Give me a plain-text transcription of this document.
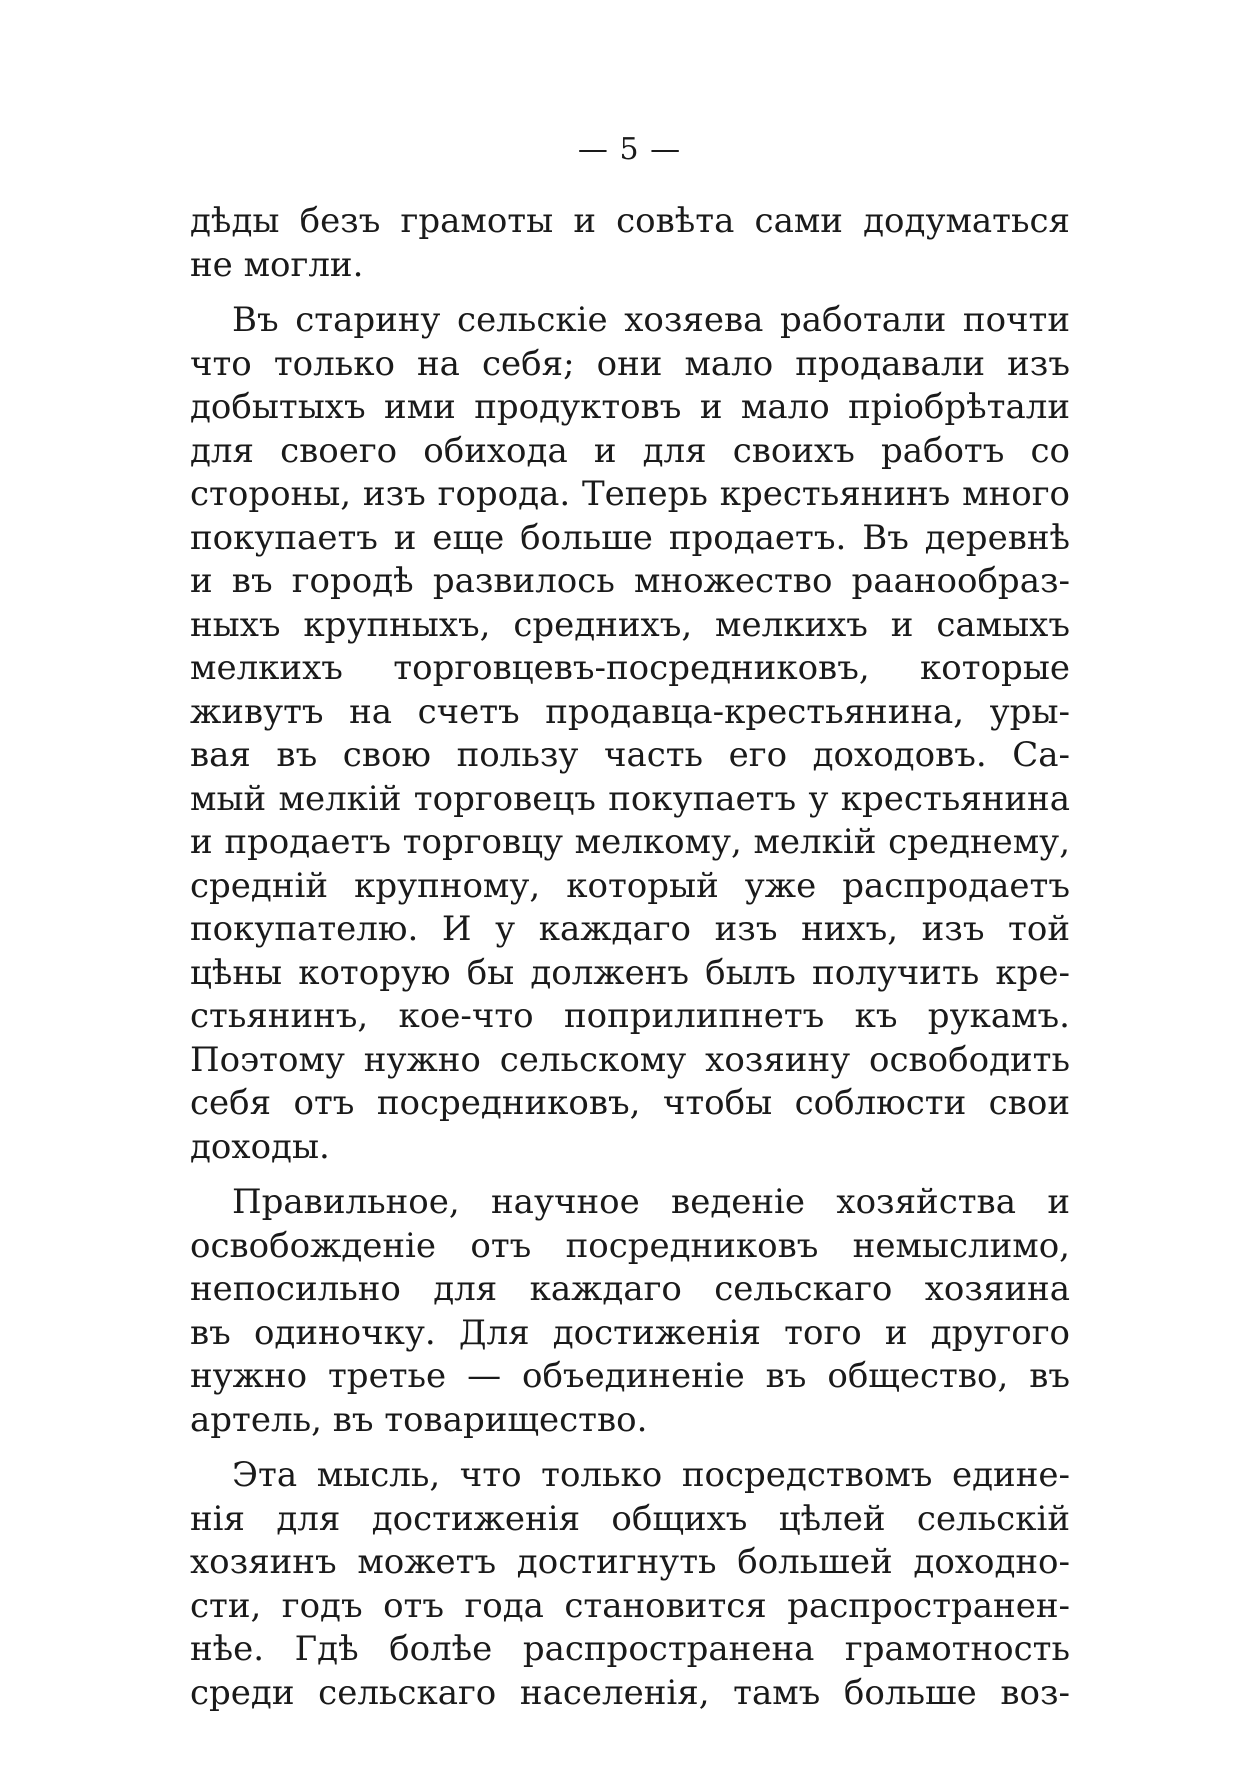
— 5 —
дѣды безъ грамоты и совѣта сами додуматься
не могли.
Въ старину сельскіе хозяева работали почти
что только на себя; они мало продавали изъ
добытыхъ ими продуктовъ и мало пріобрѣтали
для своего обихода и для своихъ работъ со
стороны, изъ города. Теперь крестьянинъ много
покупаетъ и еще больше продаетъ. Въ деревнѣ
и въ городѣ развилось множество раанообраз-
ныхъ крупныхъ, среднихъ, мелкихъ и самыхъ
мелкихъ торговцевъ-посредниковъ, которые
живутъ на счетъ продавца-крестьянина, уры-
вая въ свою пользу часть его доходовъ. Са-
мый мелкій торговецъ покупаетъ у крестьянина
и продаетъ торговцу мелкому, мелкій среднему,
средній крупному, который уже распродаетъ
покупателю. И у каждаго изъ нихъ, изъ той
цѣны которую бы долженъ былъ получить кре-
стьянинъ, кое-что поприлипнетъ къ рукамъ.
Поэтому нужно сельскому хозяину освободить
себя отъ посредниковъ, чтобы соблюсти свои
доходы.
Правильное, научное веденіе хозяйства и
освобожденіе отъ посредниковъ немыслимо,
непосильно для каждаго сельскаго хозяина
въ одиночку. Для достиженія того и другого
нужно третье — объединеніе въ общество, въ
артель, въ товарищество.
Эта мысль, что только посредствомъ едине-
нія для достиженія общихъ цѣлей сельскій
хозяинъ можетъ достигнуть большей доходно-
сти, годъ отъ года становится распространен-
нѣе. Гдѣ болѣе распространена грамотность
среди сельскаго населенія, тамъ больше воз-
